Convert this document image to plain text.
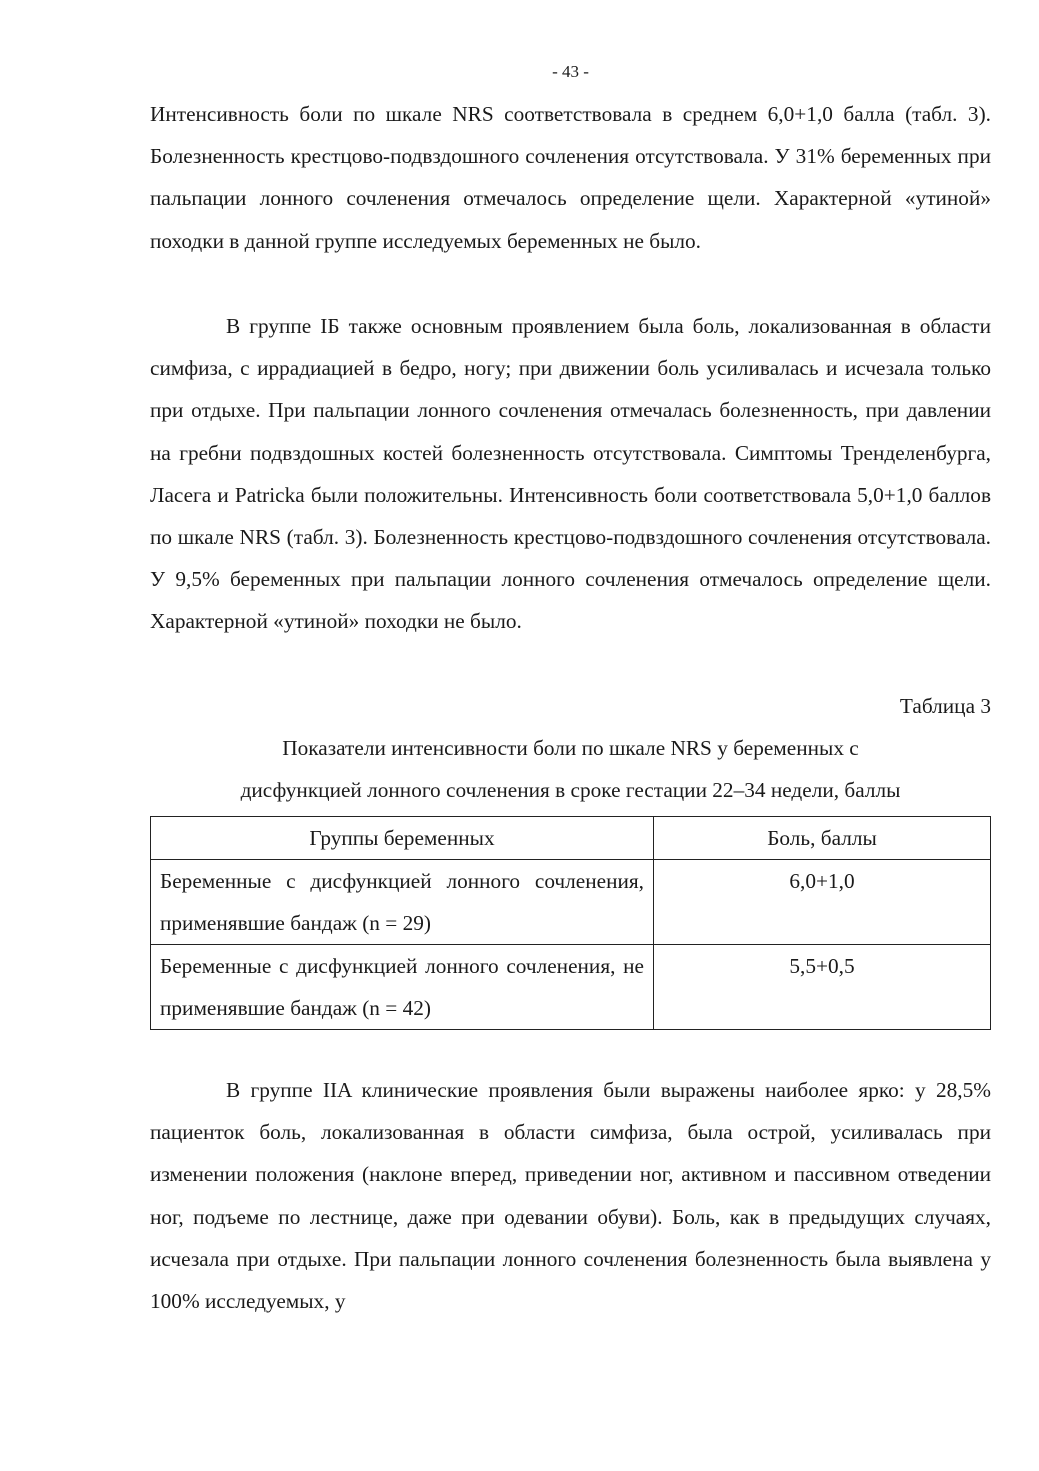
- 43 -

Интенсивность боли по шкале NRS соответствовала в среднем 6,0+1,0 балла (табл. 3). Болезненность крестцово-подвздошного сочленения отсутствовала. У 31% беременных при пальпации лонного сочленения отмечалось определение щели. Характерной «утиной» походки в данной группе исследуемых беременных не было.

В группе IБ также основным проявлением была боль, локализованная в области симфиза, с иррадиацией в бедро, ногу; при движении боль усиливалась и исчезала только при отдыхе. При пальпации лонного сочленения отмечалась болезненность, при давлении на гребни подвздошных костей болезненность отсутствовала. Симптомы Тренделенбурга, Ласега и Patricka были положительны. Интенсивность боли соответствовала 5,0+1,0 баллов по шкале NRS (табл. 3). Болезненность крестцово-подвздошного сочленения отсутствовала. У 9,5% беременных при пальпации лонного сочленения отмечалось определение щели. Характерной «утиной» походки не было.

Таблица 3

Показатели интенсивности боли по шкале NRS у беременных с
дисфункцией лонного сочленения в сроке гестации 22–34 недели, баллы
Группы беременных	Боль, баллы
Беременные с дисфункцией лонного сочленения, применявшие бандаж (n = 29)	6,0+1,0
Беременные с дисфункцией лонного сочленения, не применявшие бандаж (n = 42)	5,5+0,5

В группе IIA клинические проявления были выражены наиболее ярко: у 28,5% пациенток боль, локализованная в области симфиза, была острой, усиливалась при изменении положения (наклоне вперед, приведении ног, активном и пассивном отведении ног, подъеме по лестнице, даже при одевании обуви). Боль, как в предыдущих случаях, исчезала при отдыхе. При пальпации лонного сочленения болезненность была выявлена у 100% исследуемых, у
